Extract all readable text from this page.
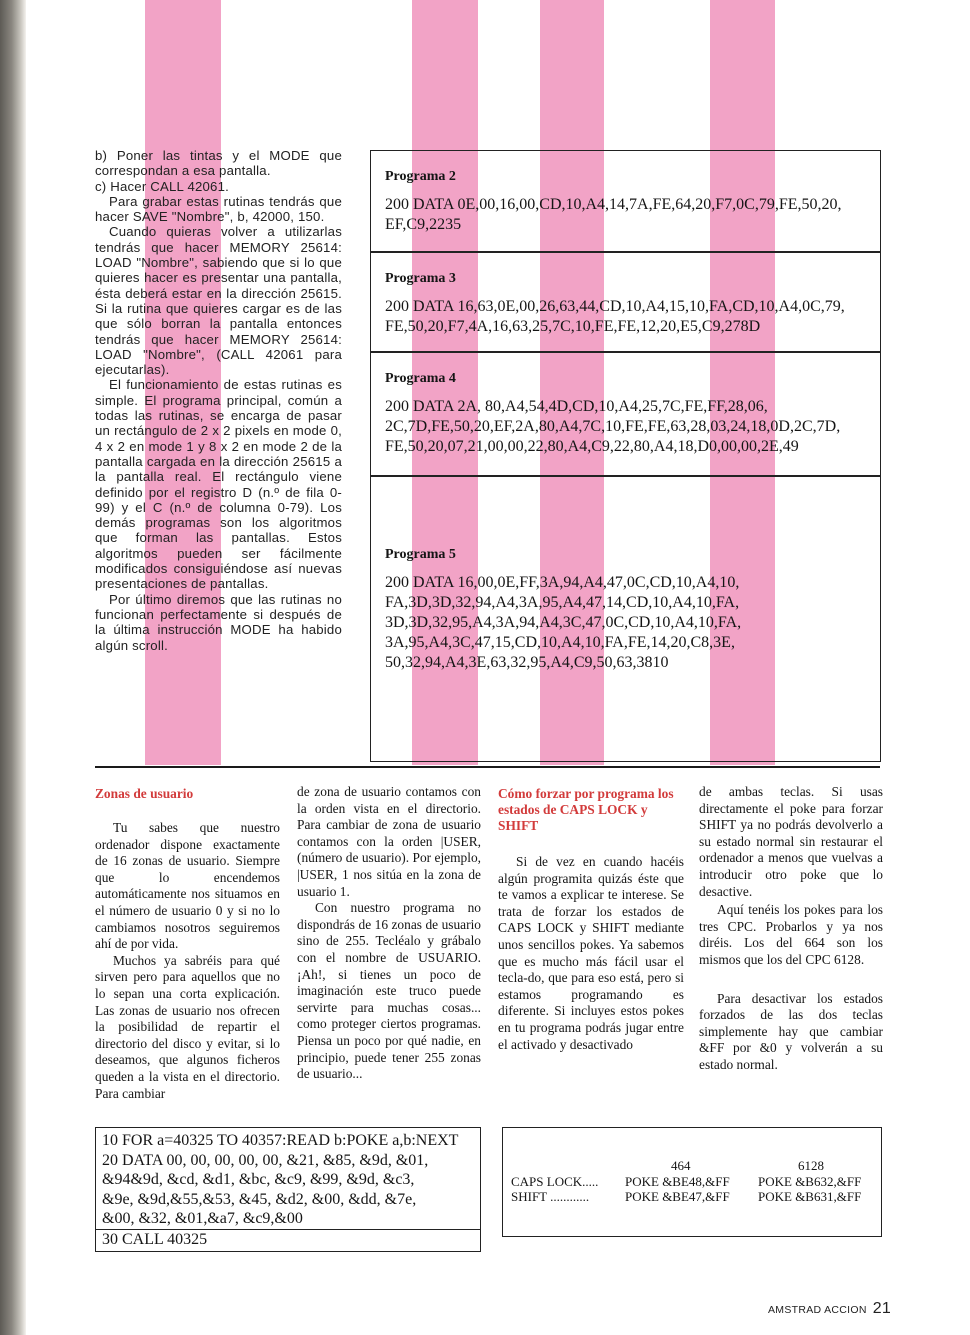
b) Poner las tintas y el MODE que correspondan a esa pantalla.

c) Hacer CALL 42061.

Para grabar estas rutinas tendrás que hacer SAVE "Nombre", b, 42000, 150.

Cuando quieras volver a utilizarlas tendrás que hacer MEMORY 25614: LOAD "Nombre", sabiendo que si lo que quieres hacer es presentar una pantalla, ésta deberá estar en la dirección 25615. Si la rutina que quieres cargar es de las que sólo borran la pantalla entonces tendrás que hacer MEMORY 25614: LOAD "Nombre", (CALL 42061 para ejecutarlas).

El funcionamiento de estas rutinas es simple. El programa principal, común a todas las rutinas, se encarga de pasar un rectángulo de 2 x 2 pixels en mode 0, 4 x 2 en mode 1 y 8 x 2 en mode 2 de la pantalla cargada en la dirección 25615 a la pantalla real. El rectángulo viene definido por el registro D (n.º de fila 0-99) y el C (n.º de columna 0-79). Los demás programas son los algoritmos que forman las pantallas. Estos algoritmos pueden ser fácilmente modificados consiguiéndose así nuevas presentaciones de pantallas.

Por último diremos que las rutinas no funcionan perfectamente si después de la última instrucción MODE ha habido algún scroll.

Programa 2
200 DATA 0E,00,16,00,CD,10,A4,14,7A,FE,64,20,F7,0C,79,FE,50,20,
EF,C9,2235
Programa 3
200 DATA 16,63,0E,00,26,63,44,CD,10,A4,15,10,FA,CD,10,A4,0C,79,
FE,50,20,F7,4A,16,63,25,7C,10,FE,FE,12,20,E5,C9,278D
Programa 4
200 DATA 2A, 80,A4,54,4D,CD,10,A4,25,7C,FE,FF,28,06,
2C,7D,FE,50,20,EF,2A,80,A4,7C,10,FE,FE,63,28,03,24,18,0D,2C,7D,
FE,50,20,07,21,00,00,22,80,A4,C9,22,80,A4,18,D0,00,00,2E,49
Programa 5
200 DATA 16,00,0E,FF,3A,94,A4,47,0C,CD,10,A4,10,
FA,3D,3D,32,94,A4,3A,95,A4,47,14,CD,10,A4,10,FA,
3D,3D,32,95,A4,3A,94,A4,3C,47,0C,CD,10,A4,10,FA,
3A,95,A4,3C,47,15,CD,10,A4,10,FA,FE,14,20,C8,3E,
50,32,94,A4,3E,63,32,95,A4,C9,50,63,3810
Zonas de usuario

Tu sabes que nuestro ordenador dispone exactamente de 16 zonas de usuario. Siempre que lo encendemos automáticamente nos situamos en el número de usuario 0 y si no lo cambiamos nosotros seguiremos ahí de por vida.

Muchos ya sabréis para qué sirven pero para aquellos que no lo sepan una corta explicación. Las zonas de usuario nos ofrecen la posibilidad de repartir el directorio del disco y evitar, si lo deseamos, que algunos ficheros queden a la vista en el directorio. Para cambiar

de zona de usuario contamos con la orden vista en el directorio. Para cambiar de zona de usuario contamos con la orden |USER, (número de usuario). Por ejemplo, |USER, 1 nos sitúa en la zona de usuario 1.

Con nuestro programa no dispondrás de 16 zonas de usuario sino de 255. Tecléalo y grábalo con el nombre de USUARIO. ¡Ah!, si tienes un poco de imaginación este truco puede servirte para muchas cosas... como proteger ciertos programas. Piensa un poco por qué nadie, en principio, puede tener 255 zonas de usuario...

Cómo forzar por programa los estados de CAPS LOCK y SHIFT

Si de vez en cuando hacéis algún programita quizás éste que te vamos a explicar te interese. Se trata de forzar los estados de CAPS LOCK y SHIFT mediante unos sencillos pokes. Ya sabemos que es mucho más fácil usar el tecla-do, que para eso está, pero si estamos programando es diferente. Si incluyes estos pokes en tu programa podrás jugar entre el activado y desactivado

de ambas teclas. Si usas directamente el poke para forzar SHIFT ya no podrás devolverlo a su estado normal sin restaurar el ordenador a menos que vuelvas a introducir otro poke que lo desactive.

Aquí tenéis los pokes para los tres CPC. Probarlos y ya nos diréis. Los del 664 son los mismos que los del CPC 6128.

Para desactivar los estados forzados de las dos teclas simplemente hay que cambiar &FF por &0 y volverán a su estado normal.

10 FOR a=40325 TO 40357:READ b:POKE a,b:NEXT
20 DATA 00, 00, 00, 00, 00, &21, &85, &9d, &01,
&94&9d, &cd, &d1, &bc, &c9, &99, &9d, &c3,
&9e, &9d,&55,&53, &45, &d2, &00, &dd, &7e,
&00, &32, &01,&a7, &c9,&00
30 CALL 40325
464	6128
CAPS LOCK..... POKE &BE48,&FF POKE &B632,&FF
SHIFT ............	POKE &BE47,&FF POKE &B631,&FF
AMSTRAD ACCION 21
